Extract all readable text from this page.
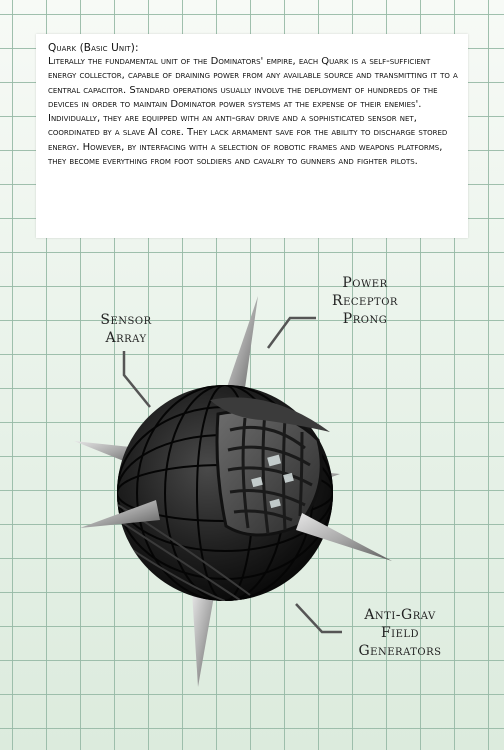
Quark (Basic Unit):

Literally the fundamental unit of the Dominators' empire, each Quark is a self-sufficient energy collector, capable of draining power from any available source and transmitting it to a central capacitor. Standard operations usually involve the deployment of hundreds of the devices in order to maintain Dominator power systems at the expense of their enemies'. Individually, they are equipped with an anti-grav drive and a sophisticated sensor net, coordinated by a slave AI core. They lack armament save for the ability to discharge stored energy. However, by interfacing with a selection of robotic frames and weapons platforms, they become everything from foot soldiers and cavalry to gunners and fighter pilots.

Sensor
Array
Power
Receptor
Prong
Anti-Grav
Field
Generators
